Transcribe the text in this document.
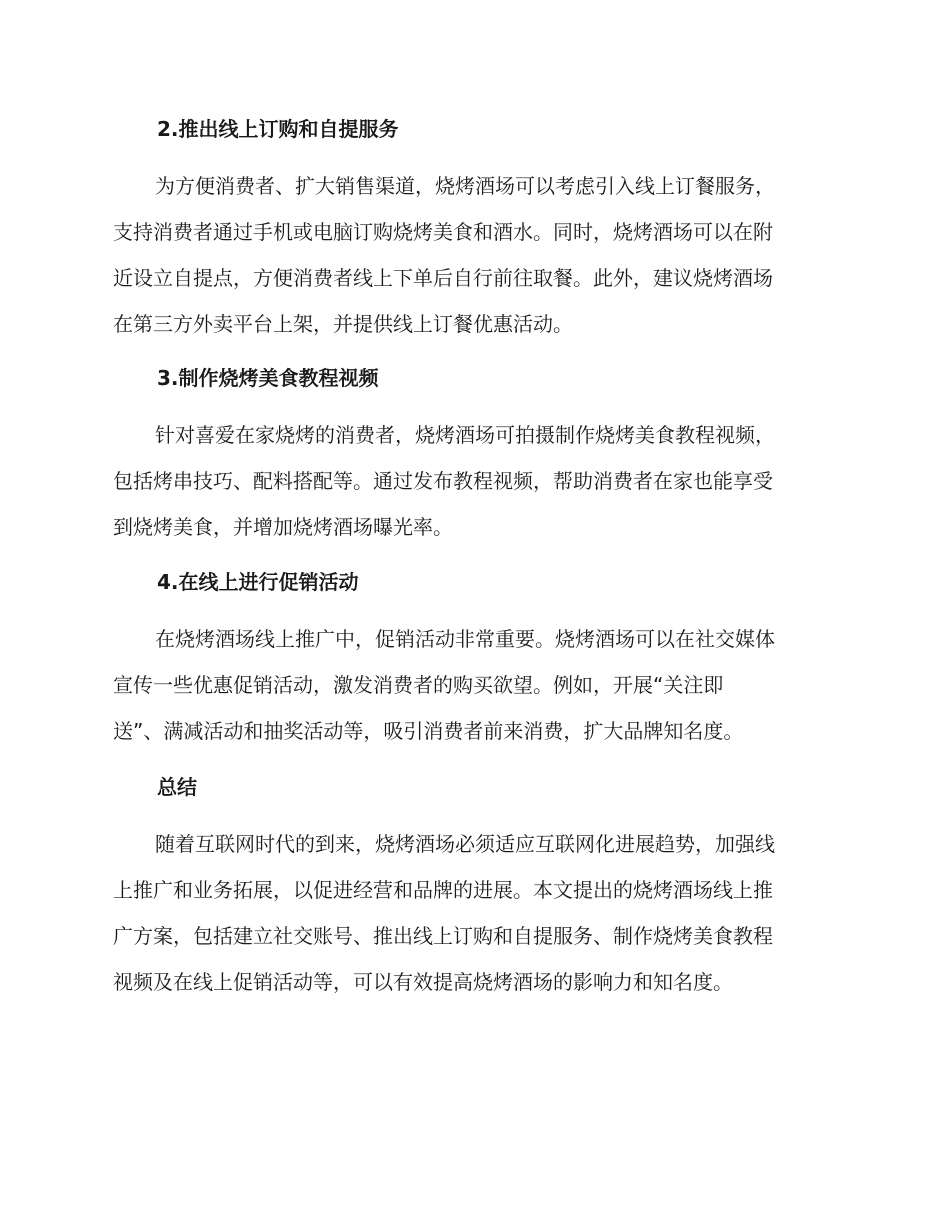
2.推出线上订购和自提服务
为方便消费者、扩大销售渠道，烧烤酒场可以考虑引入线上订餐服务，
支持消费者通过手机或电脑订购烧烤美食和酒水。同时，烧烤酒场可以在附
近设立自提点，方便消费者线上下单后自行前往取餐。此外，建议烧烤酒场
在第三方外卖平台上架，并提供线上订餐优惠活动。
3.制作烧烤美食教程视频
针对喜爱在家烧烤的消费者，烧烤酒场可拍摄制作烧烤美食教程视频，
包括烤串技巧、配料搭配等。通过发布教程视频，帮助消费者在家也能享受
到烧烤美食，并增加烧烤酒场曝光率。
4.在线上进行促销活动
在烧烤酒场线上推广中，促销活动非常重要。烧烤酒场可以在社交媒体
宣传一些优惠促销活动，激发消费者的购买欲望。例如，开展“关注即
送”、满减活动和抽奖活动等，吸引消费者前来消费，扩大品牌知名度。
总结
随着互联网时代的到来，烧烤酒场必须适应互联网化进展趋势，加强线
上推广和业务拓展，以促进经营和品牌的进展。本文提出的烧烤酒场线上推
广方案，包括建立社交账号、推出线上订购和自提服务、制作烧烤美食教程
视频及在线上促销活动等，可以有效提高烧烤酒场的影响力和知名度。
